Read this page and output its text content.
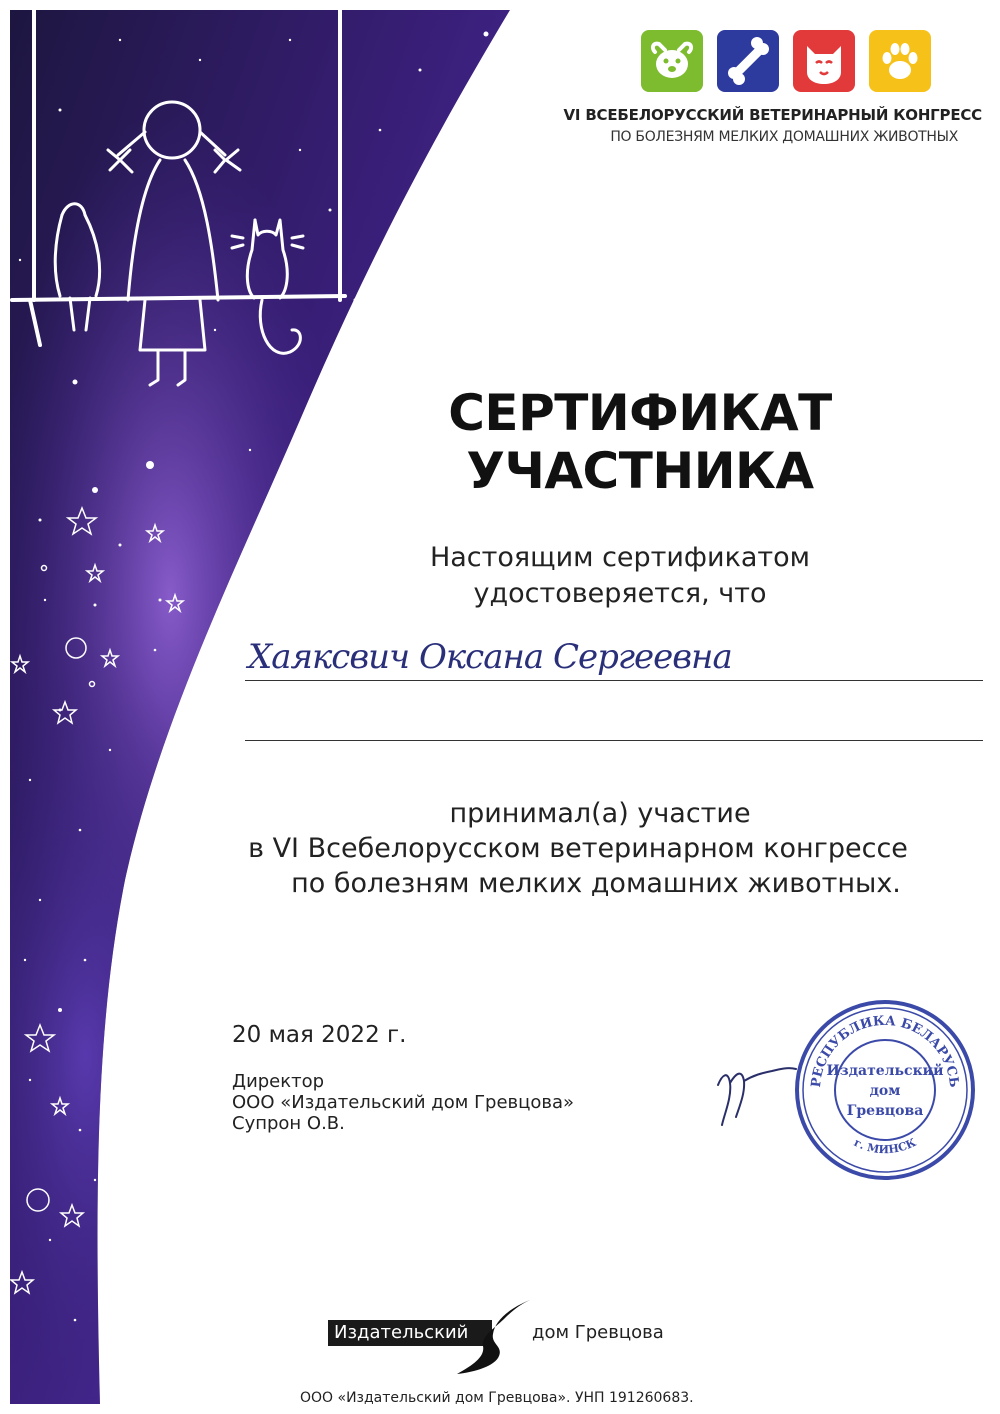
VI ВСЕБЕЛОРУССКИЙ ВЕТЕРИНАРНЫЙ КОНГРЕСС
ПО БОЛЕЗНЯМ МЕЛКИХ ДОМАШНИХ ЖИВОТНЫХ
СЕРТИФИКАТ УЧАСТНИКА
Настоящим сертификатом
удостоверяется, что
Хаяксвич Оксана Сергеевна
принимал(а) участие
в VI Всебелорусском ветеринарном конгрессе
по болезням мелких домашних животных.
20 мая 2022 г.
Директор
ООО «Издательский дом Гревцова»
Супрон О.В.
РЕСПУБЛИКА БЕЛАРУСЬ
г. МИНСК
Издательский
дом
Гревцова
Издательский	дом Гревцова
ООО «Издательский дом Гревцова». УНП 191260683.
